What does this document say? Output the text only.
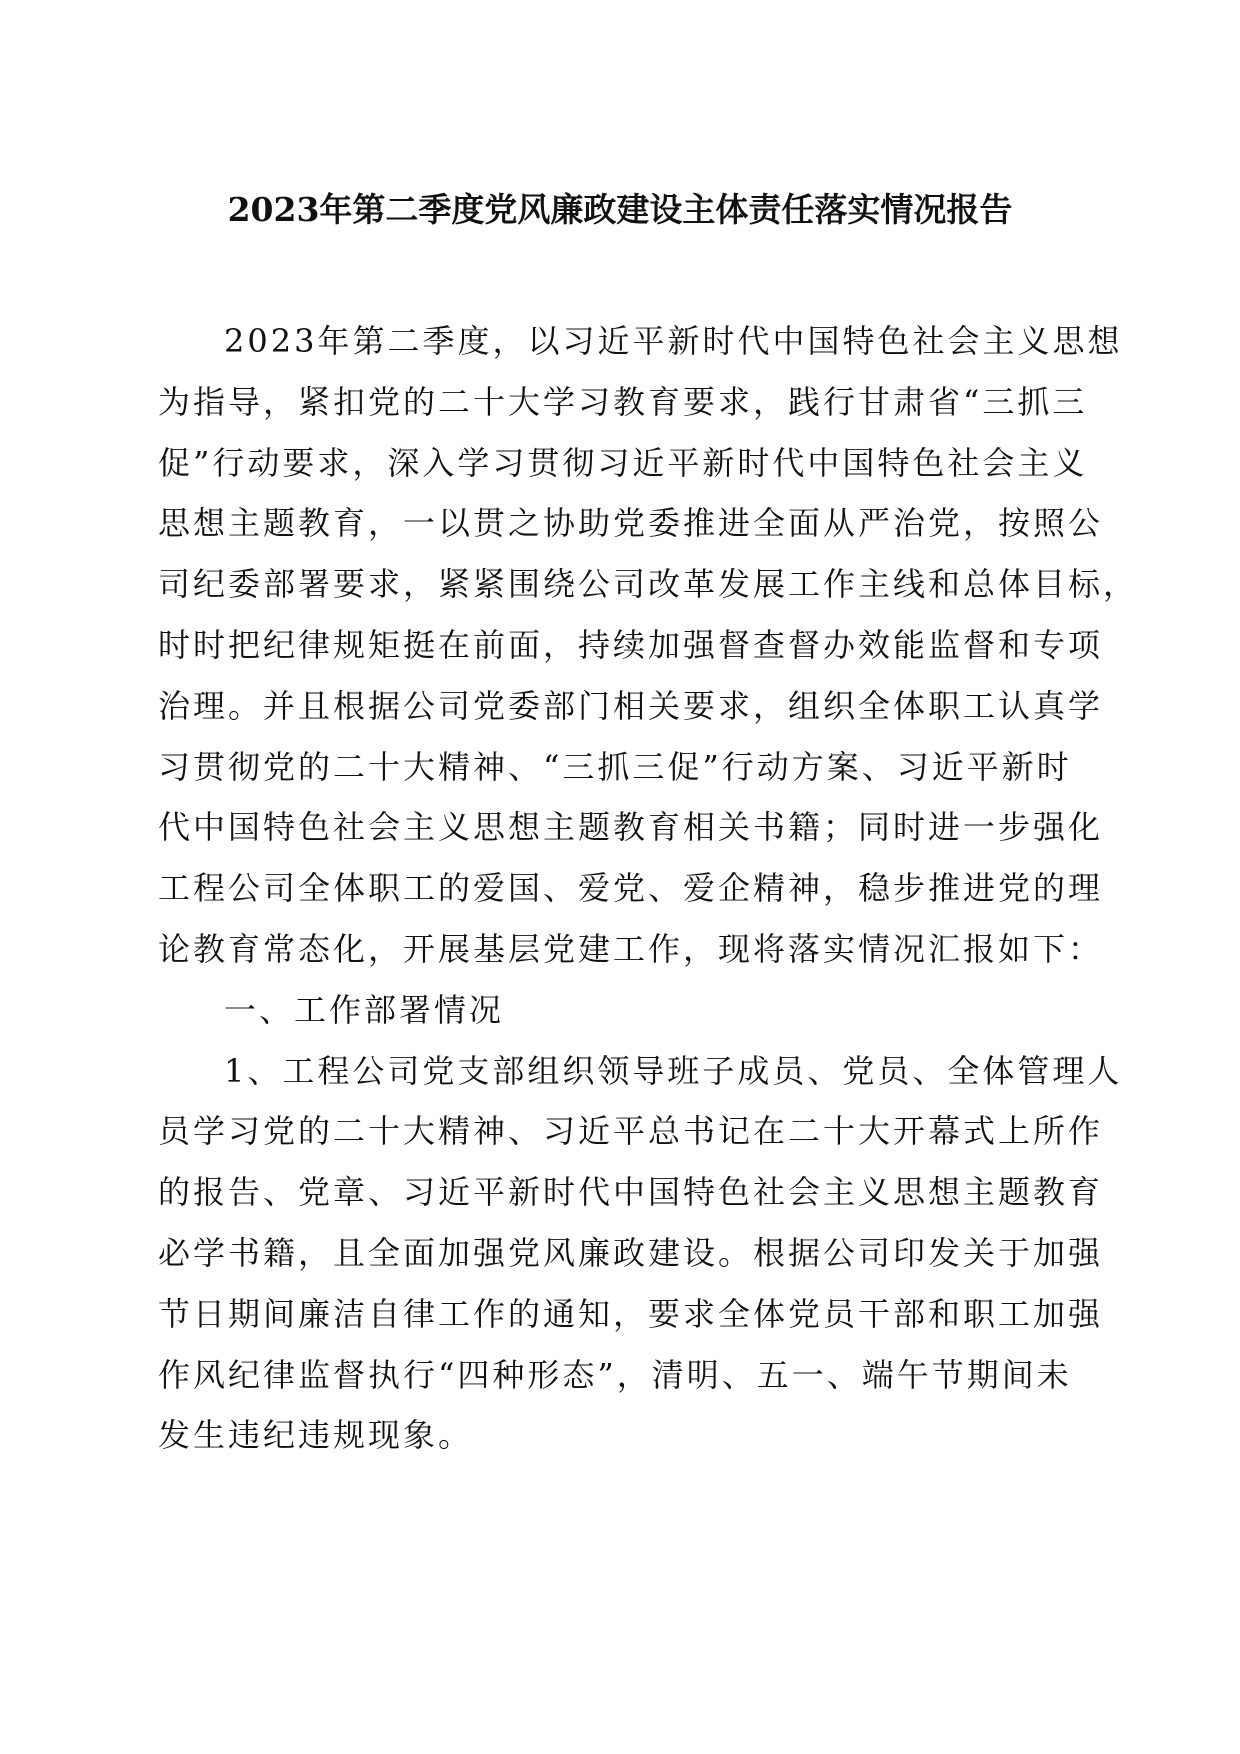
2023年第二季度党风廉政建设主体责任落实情况报告

2023年第二季度，以习近平新时代中国特色社会主义思想
为指导，紧扣党的二十大学习教育要求，践行甘肃省“三抓三
促”行动要求，深入学习贯彻习近平新时代中国特色社会主义
思想主题教育，一以贯之协助党委推进全面从严治党，按照公
司纪委部署要求，紧紧围绕公司改革发展工作主线和总体目标，
时时把纪律规矩挺在前面，持续加强督查督办效能监督和专项
治理。并且根据公司党委部门相关要求，组织全体职工认真学
习贯彻党的二十大精神、“三抓三促”行动方案、习近平新时
代中国特色社会主义思想主题教育相关书籍；同时进一步强化
工程公司全体职工的爱国、爱党、爱企精神，稳步推进党的理
论教育常态化，开展基层党建工作，现将落实情况汇报如下：

一、工作部署情况

1、工程公司党支部组织领导班子成员、党员、全体管理人
员学习党的二十大精神、习近平总书记在二十大开幕式上所作
的报告、党章、习近平新时代中国特色社会主义思想主题教育
必学书籍，且全面加强党风廉政建设。根据公司印发关于加强
节日期间廉洁自律工作的通知，要求全体党员干部和职工加强
作风纪律监督执行“四种形态”，清明、五一、端午节期间未
发生违纪违规现象。
